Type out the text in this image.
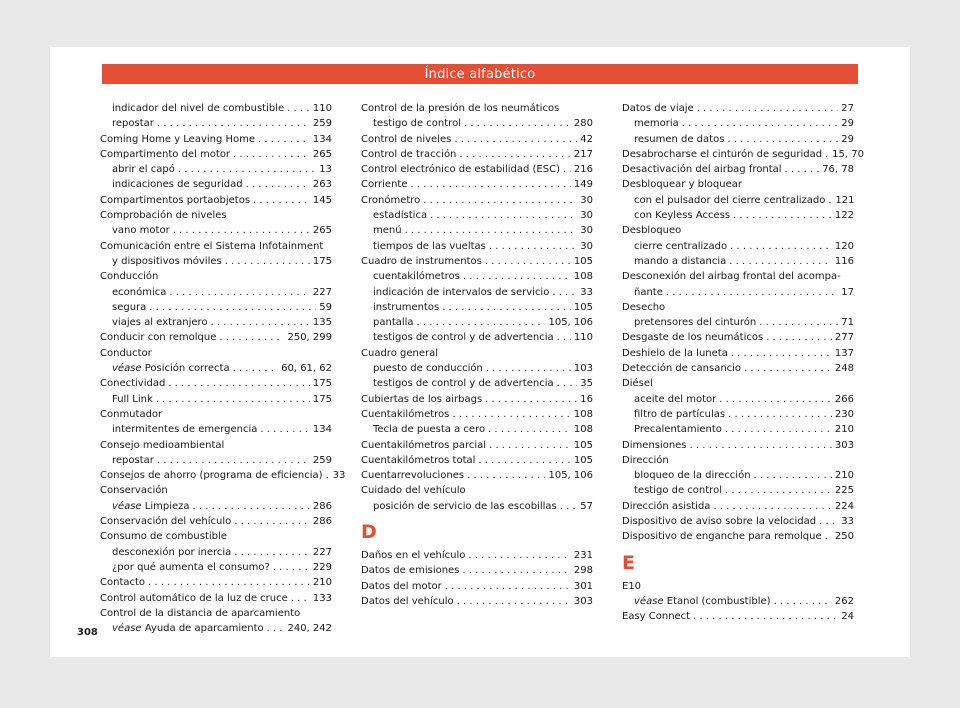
Índice alfabético
indicador del nivel de combustible . . .	110
repostar . . .	259
Coming Home y Leaving Home . . .	134
Compartimento del motor . . .	265
abrir el capó . . .	13
indicaciones de seguridad . . .	263
Compartimentos portaobjetos . . .	145
Comprobación de niveles
vano motor . . .	265
Comunicación entre el Sistema Infotainment
y dispositivos móviles . . .	175
Conducción
económica . . .	227
segura . . .	59
viajes al extranjero . . .	135
Conducir con remolque . . .	250, 299
Conductor
véase Posición correcta . . .	60, 61, 62
Conectividad . . .	175
Full Link . . .	175
Conmutador
intermitentes de emergencia . . .	134
Consejo medioambiental
repostar . . .	259
Consejos de ahorro (programa de eficiencia) . . . 33
Conservación
véase Limpieza . . .	286
Conservación del vehículo . . .	286
Consumo de combustible
desconexión por inercia . . .	227
¿por qué aumenta el consumo? . . .	229
Contacto . . .	210
Control automático de la luz de cruce . . .	133
Control de la distancia de aparcamiento
véase Ayuda de aparcamiento . . . 240, 242
Control de la presión de los neumáticos
testigo de control . . .	280
Control de niveles . . .	42
Control de tracción . . .	217
Control electrónico de estabilidad (ESC) . . . 216
Corriente . . .	149
Cronómetro . . .	30
estadística . . .	30
menú . . .	30
tiempos de las vueltas . . .	30
Cuadro de instrumentos . . .	105
cuentakilómetros . . .	108
indicación de intervalos de servicio . . .	33
instrumentos . . .	105
pantalla . . .	105, 106
testigos de control y de advertencia . . . 110
Cuadro general
puesto de conducción . . .	103
testigos de control y de advertencia . . .	35
Cubiertas de los airbags . . .	16
Cuentakilómetros . . .	108
Tecla de puesta a cero . . .	108
Cuentakilómetros parcial . . .	105
Cuentakilómetros total . . .	105
Cuentarrevoluciones . . .	105, 106
Cuidado del vehículo
posición de servicio de las escobillas . . . 57
D
Daños en el vehículo . . .	231
Datos de emisiones . . .	298
Datos del motor . . .	301
Datos del vehículo . . .	303
Datos de viaje . . .	27
memoria . . .	29
resumen de datos . . .	29
Desabrocharse el cinturón de seguridad . . . 15, 70
Desactivación del airbag frontal . . .	76, 78
Desbloquear y bloquear
con el pulsador del cierre centralizado . . . 121
con Keyless Access . . .	122
Desbloqueo
cierre centralizado . . .	120
mando a distancia . . .	116
Desconexión del airbag frontal del acompa-
ñante . . .	17
Desecho
pretensores del cinturón . . .	71
Desgaste de los neumáticos . . .	277
Deshielo de la luneta . . .	137
Detección de cansancio . . .	248
Diésel
aceite del motor . . .	266
filtro de partículas . . .	230
Precalentamiento . . .	210
Dimensiones . . .	303
Dirección
bloqueo de la dirección . . .	210
testigo de control . . .	225
Dirección asistida . . .	224
Dispositivo de aviso sobre la velocidad . . .	33
Dispositivo de enganche para remolque . . . 250
E
E10
véase Etanol (combustible) . . .	262
Easy Connect . . .	24
308
